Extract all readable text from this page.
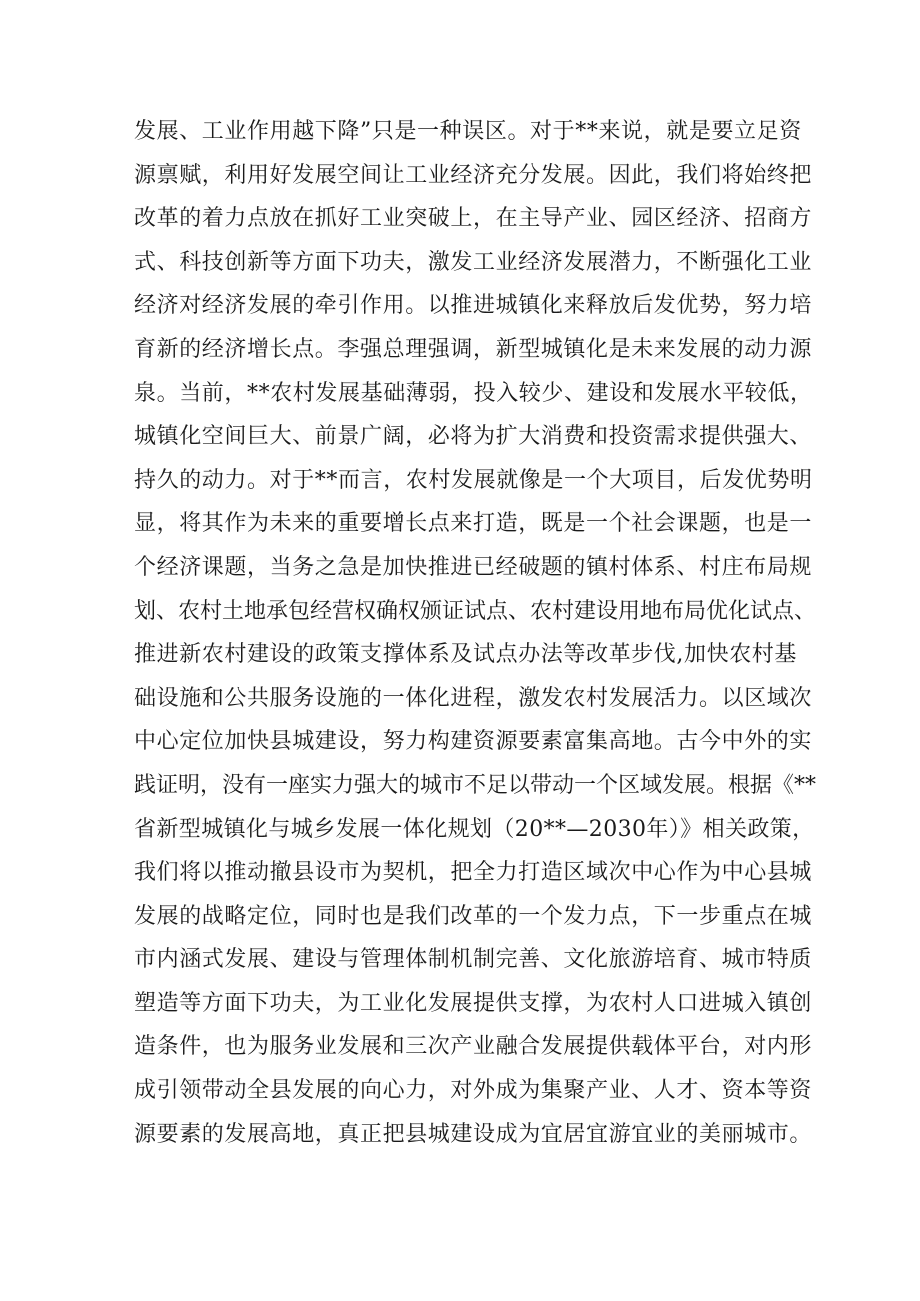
发展、工业作用越下降”只是一种误区。对于**来说，就是要立足资
源禀赋，利用好发展空间让工业经济充分发展。因此，我们将始终把
改革的着力点放在抓好工业突破上，在主导产业、园区经济、招商方
式、科技创新等方面下功夫，激发工业经济发展潜力，不断强化工业
经济对经济发展的牵引作用。以推进城镇化来释放后发优势，努力培
育新的经济增长点。李强总理强调，新型城镇化是未来发展的动力源
泉。当前，**农村发展基础薄弱，投入较少、建设和发展水平较低，
城镇化空间巨大、前景广阔，必将为扩大消费和投资需求提供强大、
持久的动力。对于**而言，农村发展就像是一个大项目，后发优势明
显，将其作为未来的重要增长点来打造，既是一个社会课题，也是一
个经济课题，当务之急是加快推进已经破题的镇村体系、村庄布局规
划、农村土地承包经营权确权颁证试点、农村建设用地布局优化试点、
推进新农村建设的政策支撑体系及试点办法等改革步伐,加快农村基
础设施和公共服务设施的一体化进程，激发农村发展活力。以区域次
中心定位加快县城建设，努力构建资源要素富集高地。古今中外的实
践证明，没有一座实力强大的城市不足以带动一个区域发展。根据《**
省新型城镇化与城乡发展一体化规划（20**—2030年）》相关政策，
我们将以推动撤县设市为契机，把全力打造区域次中心作为中心县城
发展的战略定位，同时也是我们改革的一个发力点，下一步重点在城
市内涵式发展、建设与管理体制机制完善、文化旅游培育、城市特质
塑造等方面下功夫，为工业化发展提供支撑，为农村人口进城入镇创
造条件，也为服务业发展和三次产业融合发展提供载体平台，对内形
成引领带动全县发展的向心力，对外成为集聚产业、人才、资本等资
源要素的发展高地，真正把县城建设成为宜居宜游宜业的美丽城市。
